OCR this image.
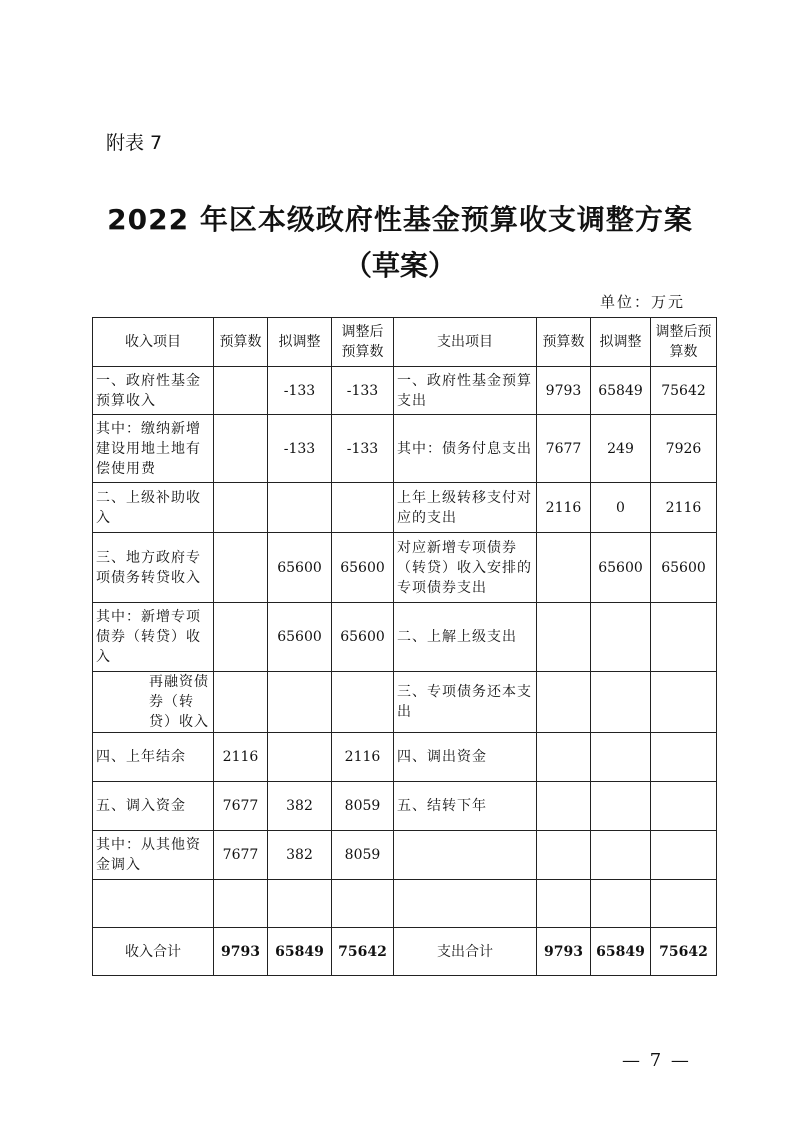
附表 7
2022 年区本级政府性基金预算收支调整方案
（草案）
单位：万元
收入项目	预算数	拟调整	调整后预算数	支出项目	预算数	拟调整	调整后预算数
一、政府性基金预算收入		-133	-133	一、政府性基金预算支出	9793	65849	75642
其中：缴纳新增建设用地土地有偿使用费		-133	-133	其中：债务付息支出	7677	249	7926
二、上级补助收入				上年上级转移支付对应的支出	2116	0	2116
三、地方政府专项债务转贷收入		65600	65600	对应新增专项债券（转贷）收入安排的专项债券支出		65600	65600
其中：新增专项债券（转贷）收入		65600	65600	二、上解上级支出			
再融资债券（转贷）收入				三、专项债务还本支出			
四、上年结余	2116		2116	四、调出资金			
五、调入资金	7677	382	8059	五、结转下年			
其中：从其他资金调入	7677	382	8059				

收入合计	9793	65849	75642	支出合计	9793	65849	75642
— 7 —
